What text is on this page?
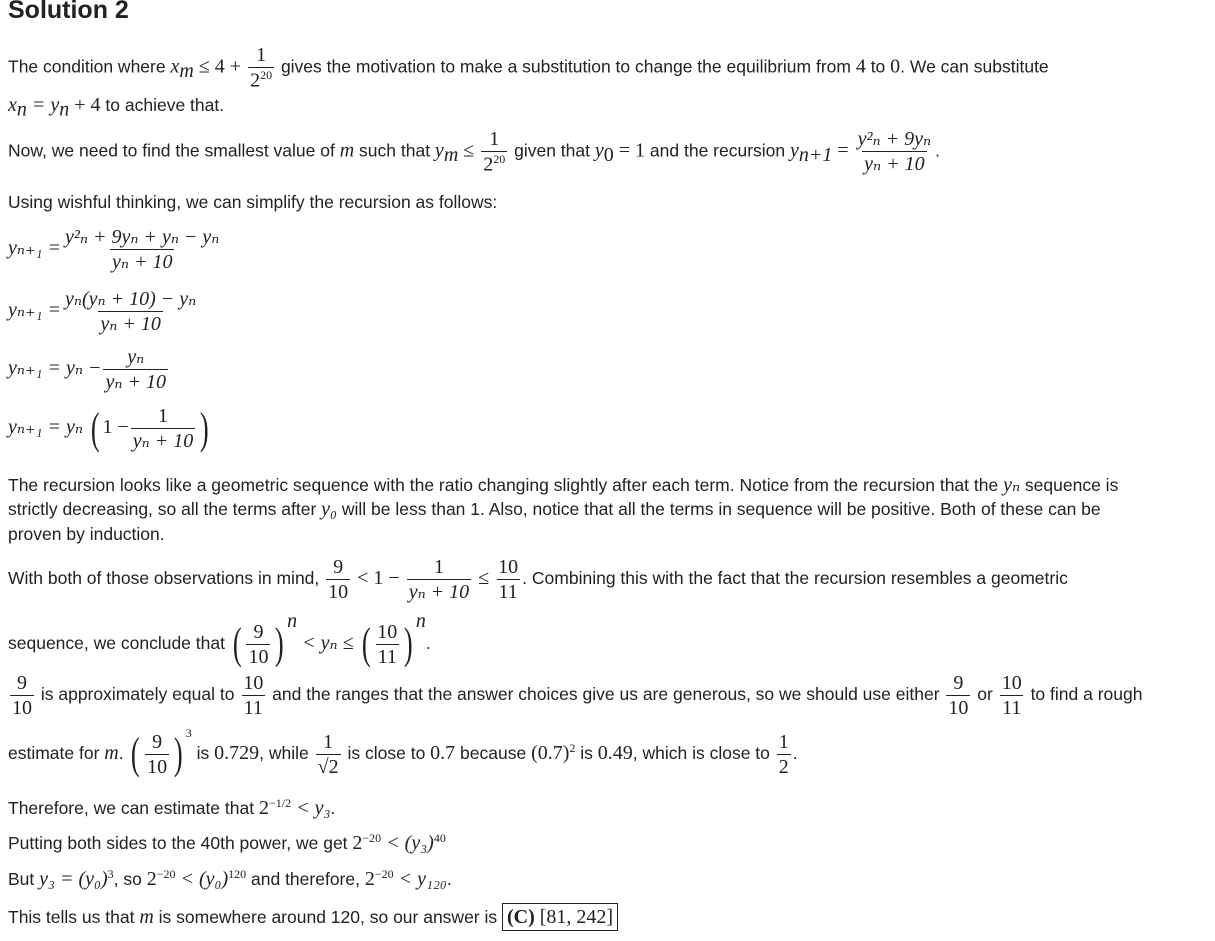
Solution 2
The condition where $x_m \le 4 + \frac{1}{2^{20}}$ gives the motivation to make a substitution to change the equilibrium from 4 to 0. We can substitute
$x_n = y_n + 4$ to achieve that.
Now, we need to find the smallest value of m such that $y_m \le \frac{1}{2^{20}}$ given that $y_0 = 1$ and the recursion $y_{n+1} = \frac{\text{y²ₙ + 9yₙ}}{\text{yₙ + 10}}$ .
Using wishful thinking, we can simplify the recursion as follows:
$y_{n+1} = \frac{\text{y²ₙ + 9yₙ + yₙ − yₙ}}{\text{yₙ + 10}}$
$y_{n+1} = \frac{\text{yₙ(yₙ + 10) − yₙ}}{\text{yₙ + 10}}$
$y_{n+1} = y_n - \frac{\text{yₙ}}{\text{yₙ + 10}}$
yₙ₊₁ = yₙ ( $1 - \frac{1}{\text{yₙ + 10}}$ )
The recursion looks like a geometric sequence with the ratio changing slightly after each term. Notice from the recursion that the yₙ sequence is
strictly decreasing, so all the terms after y₀ will be less than 1. Also, notice that all the terms in sequence will be positive. Both of these can be
proven by induction.
With both of those observations in mind, $\frac{9}{10} < 1 - \frac{1}{\text{yₙ + 10}} \le \frac{10}{11}$ . Combining this with the fact that the recursion resembles a geometric
sequence, we conclude that ( $\frac{9}{10}$ ) $^n$ < yₙ ≤ ( $\frac{10}{11}$ ) $^n$.
$\frac{9}{10}$ is approximately equal to $\frac{10}{11}$ and the ranges that the answer choices give us are generous, so we should use either $\frac{9}{10}$ or $\frac{10}{11}$ to find a rough
estimate for m. ( $\frac{9}{10}$ ) $^3$ is 0.729, while $\frac{1}{√2}$ is close to 0.7 because $(0.7)^2$ is 0.49, which is close to $\frac{1}{2}$ .
Therefore, we can estimate that $2^{-1/2} < y_3$.
Putting both sides to the 40th power, we get $2^{-20} < (y_3)^{40}$
But $y_3 = (y_0)^3$, so $2^{-20} < (y_0)^{120}$ and therefore, $2^{-20} < y_{120}$.
This tells us that m is somewhere around 120, so our answer is (C) [81, 242]
